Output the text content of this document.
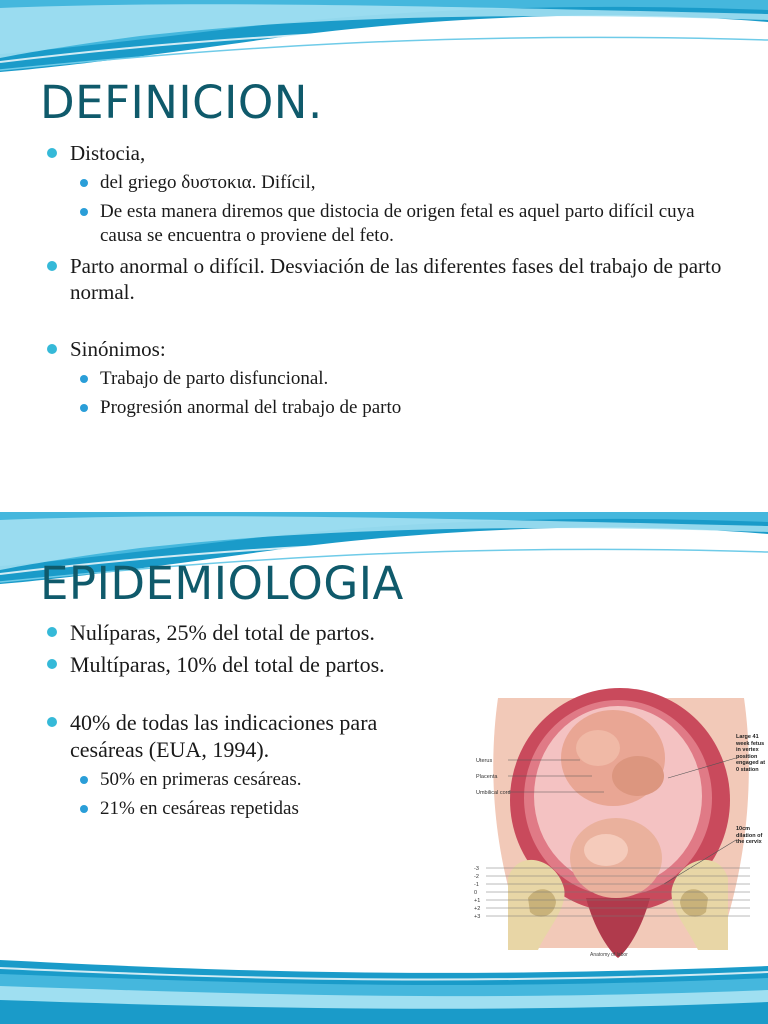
DEFINICION.
Distocia,
del griego δυστοκια. Difícil,
De esta manera diremos que distocia de origen fetal es aquel parto difícil cuya causa se encuentra o proviene del feto.
Parto anormal o difícil. Desviación de las diferentes fases del trabajo de parto normal.
Sinónimos:
Trabajo de parto disfuncional.
Progresión anormal del trabajo de parto
EPIDEMIOLOGIA
Nulíparas, 25% del total de partos.
Multíparas, 10% del total de partos.
40% de todas las indicaciones para cesáreas (EUA, 1994).
50% en primeras cesáreas.
21% en cesáreas repetidas
Uterus
Placenta
Umbilical cord
-3
-2
-1
0
+1
+2
+3
Large 41 week fetus in vertex position engaged at 0 station
10cm dilation of the cervix
Anatomy of labor
